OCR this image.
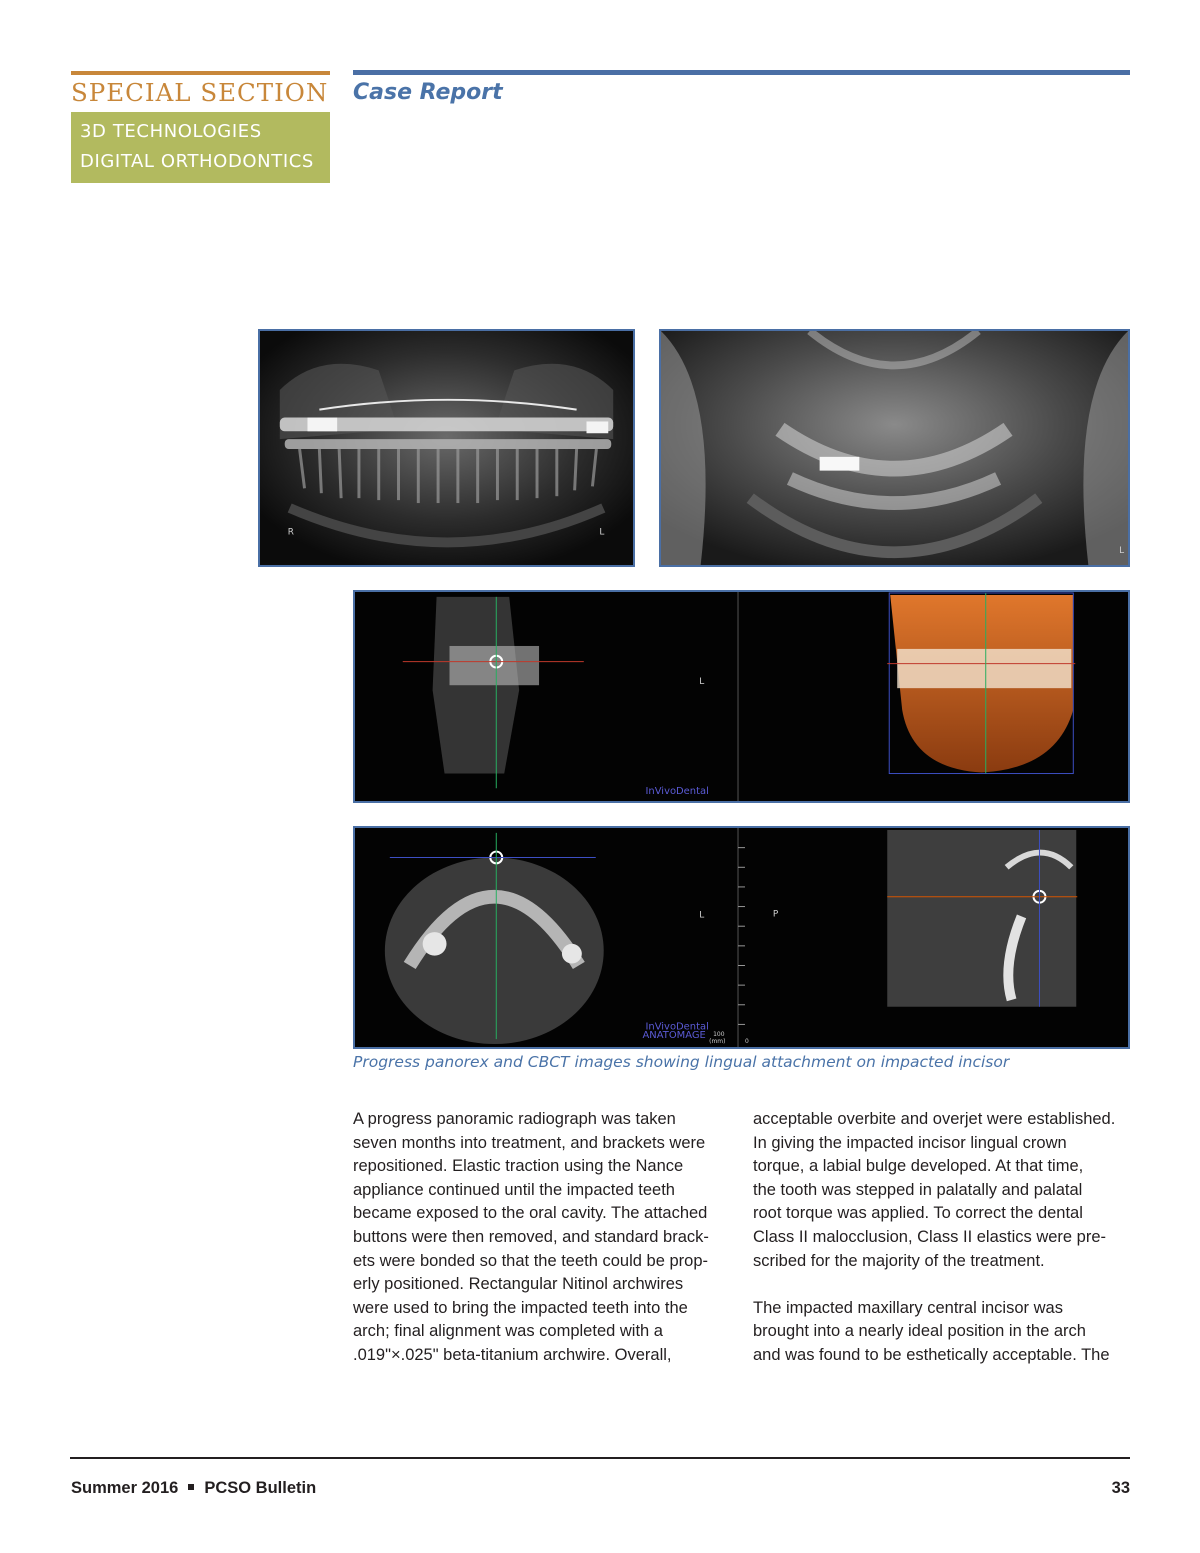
SPECIAL SECTION
3D TECHNOLOGIES
DIGITAL ORTHODONTICS
Case Report
R	L
L
L
InVivoDental
L
InVivoDental
ANATOMAGE 100
(mm)	0
P
Progress panorex and CBCT images showing lingual attachment on impacted incisor
A progress panoramic radiograph was taken
seven months into treatment, and brackets were
repositioned. Elastic traction using the Nance
appliance continued until the impacted teeth
became exposed to the oral cavity. The attached
buttons were then removed, and standard brack-
ets were bonded so that the teeth could be prop-
erly positioned. Rectangular Nitinol archwires
were used to bring the impacted teeth into the
arch; final alignment was completed with a
.019"×.025" beta-titanium archwire. Overall,
acceptable overbite and overjet were established.
In giving the impacted incisor lingual crown
torque, a labial bulge developed. At that time,
the tooth was stepped in palatally and palatal
root torque was applied. To correct the dental
Class II malocclusion, Class II elastics were pre-
scribed for the majority of the treatment.
The impacted maxillary central incisor was
brought into a nearly ideal position in the arch
and was found to be esthetically acceptable. The
Summer 2016 PCSO Bulletin	33
